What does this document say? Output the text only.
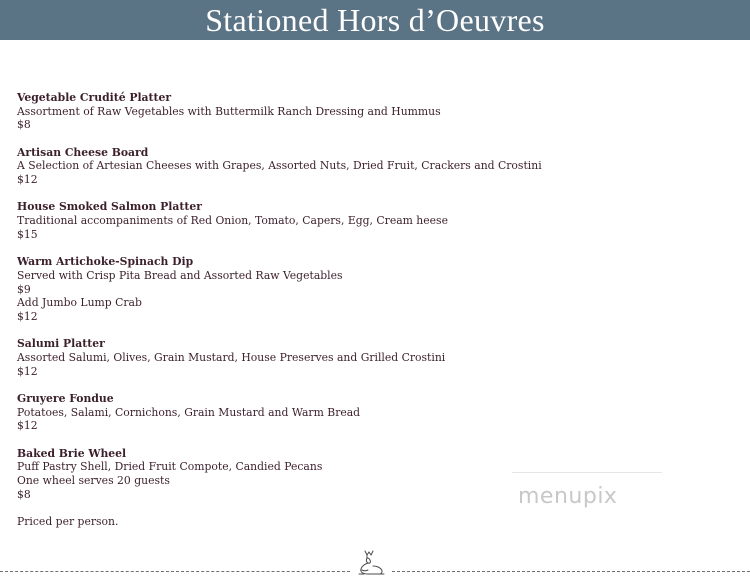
Stationed Hors d’Oeuvres
Vegetable Crudité Platter
Assortment of Raw Vegetables with Buttermilk Ranch Dressing and Hummus
$8
Artisan Cheese Board
A Selection of Artesian Cheeses with Grapes, Assorted Nuts, Dried Fruit, Crackers and Crostini
$12
House Smoked Salmon Platter
Traditional accompaniments of Red Onion, Tomato, Capers, Egg, Cream heese
$15
Warm Artichoke-Spinach Dip
Served with Crisp Pita Bread and Assorted Raw Vegetables
$9
Add Jumbo Lump Crab
$12
Salumi Platter
Assorted Salumi, Olives, Grain Mustard, House Preserves and Grilled Crostini
$12
Gruyere Fondue
Potatoes, Salami, Cornichons, Grain Mustard and Warm Bread
$12
Baked Brie Wheel
Puff Pastry Shell, Dried Fruit Compote, Candied Pecans
One wheel serves 20 guests
$8
Priced per person.
menupix
